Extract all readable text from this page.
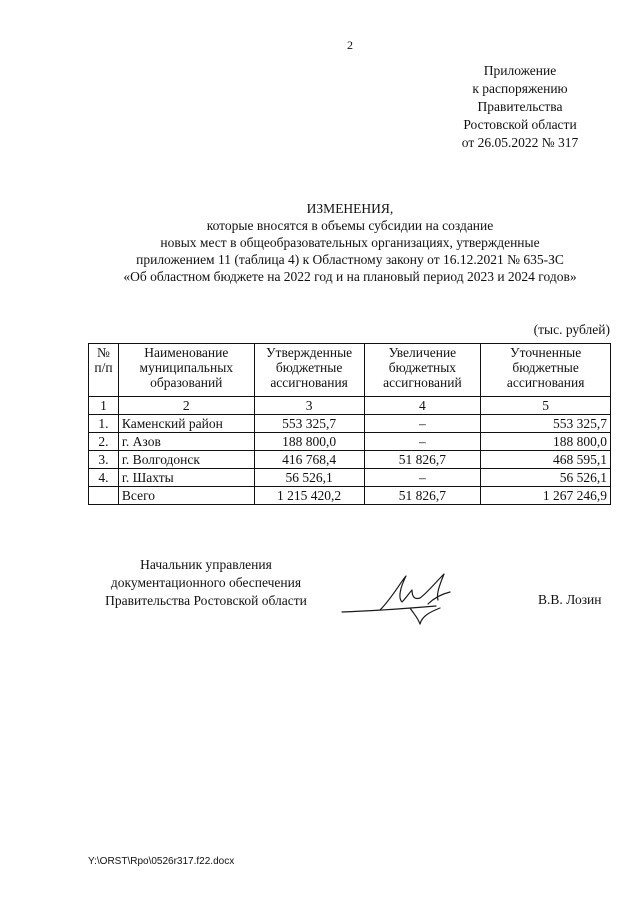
2
Приложение
к распоряжению
Правительства
Ростовской области
от 26.05.2022 № 317
ИЗМЕНЕНИЯ,
которые вносятся в объемы субсидии на создание
новых мест в общеобразовательных организациях, утвержденные
приложением 11 (таблица 4) к Областному закону от 16.12.2021 № 635-ЗС
«Об областном бюджете на 2022 год и на плановый период 2023 и 2024 годов»
(тыс. рублей)
№ п/п	Наименование муниципальных образований	Утвержденные бюджетные ассигнования	Увеличение бюджетных ассигнований	Уточненные бюджетные ассигнования
1	2	3	4	5
1.	Каменский район	553 325,7	–	553 325,7
2.	г. Азов	188 800,0	–	188 800,0
3.	г. Волгодонск	416 768,4	51 826,7	468 595,1
4.	г. Шахты	56 526,1	–	56 526,1
	Всего	1 215 420,2	51 826,7	1 267 246,9
Начальник управления
документационного обеспечения
Правительства Ростовской области	В.В. Лозин
Y:\ORST\Rpo\0526r317.f22.docx
